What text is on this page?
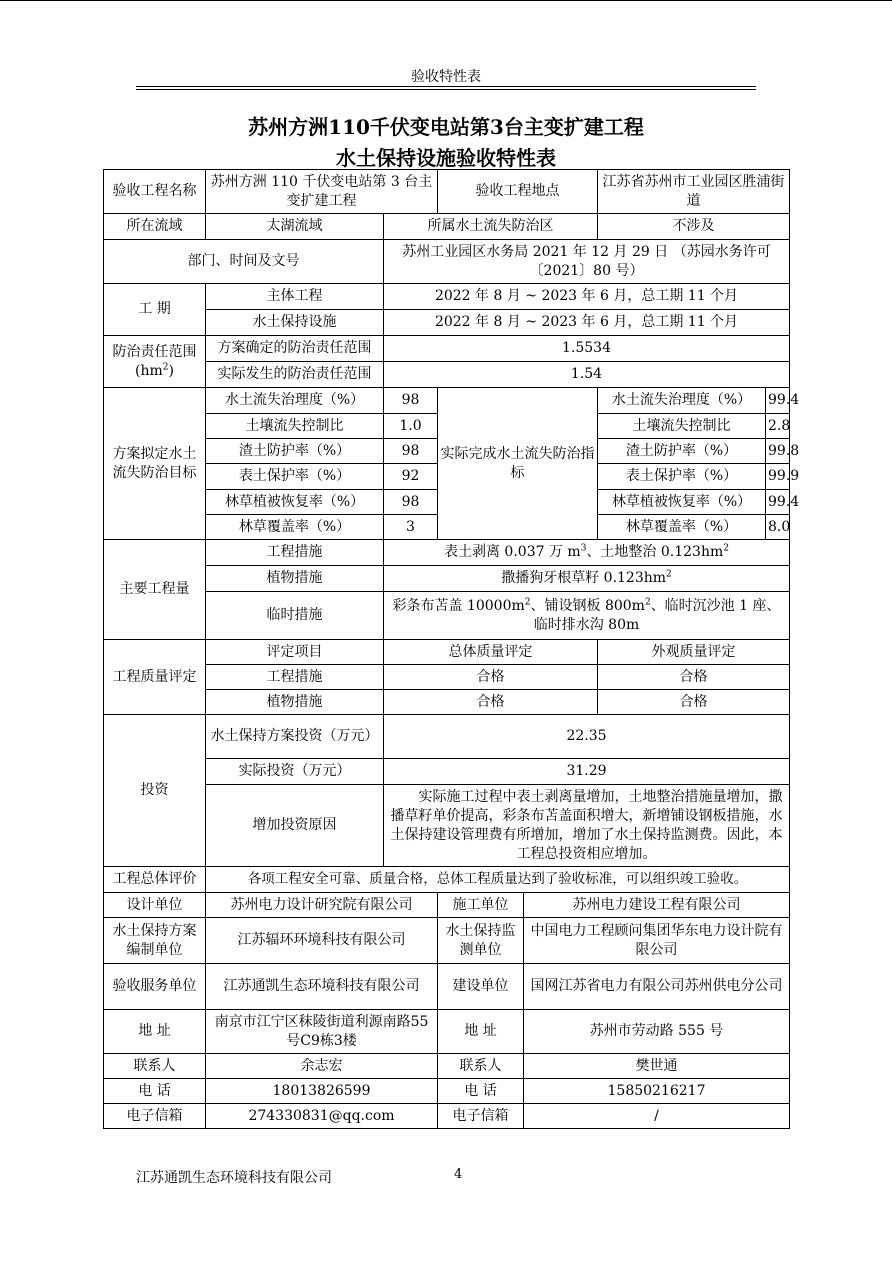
验收特性表
苏州方洲110千伏变电站第3台主变扩建工程
水土保持设施验收特性表
验收工程名称	苏州方洲 110 千伏变电站第 3 台主变扩建工程		验收工程地点		江苏省苏州市工业园区胜浦街道	
所在流域	太湖流域	所属水土流失防治区			不涉及	
部门、时间及文号		苏州工业园区水务局 2021 年 12 月 29 日 （苏园水务许可〔2021〕80 号）				
工 期	主体工程	2022 年 8 月 ~ 2023 年 6 月，总工期 11 个月				
	水土保持设施	2022 年 8 月 ~ 2023 年 6 月，总工期 11 个月				
防治责任范围
$(hm^2)$	方案确定的防治责任范围	1.5534				
	实际发生的防治责任范围	1.54				
方案拟定水土流失防治目标	水土流失治理度（%）	98	实际完成水土流失防治指标		水土流失治理度（%）	99.4
	土壤流失控制比	1.0			土壤流失控制比	2.8
	渣土防护率（%）	98			渣土防护率（%）	99.8
	表土保护率（%）	92			表土保护率（%）	99.9
	林草植被恢复率（%）	98			林草植被恢复率（%）	99.4
	林草覆盖率（%）	3			林草覆盖率（%）	8.0
主要工程量	工程措施	表土剥离 0.037 万 $m^3$、土地整治 $0.123hm^2$
	植物措施	撒播狗牙根草籽 $0.123hm^2$
	临时措施	彩条布苫盖 $10000m^2$、铺设钢板 $800m^2$、临时沉沙池 1 座、临时排水沟 80m				
工程质量评定	评定项目	总体质量评定			外观质量评定	
	工程措施	合格			合格	
	植物措施	合格			合格	
投资	水土保持方案投资（万元）	22.35				
	实际投资（万元）	31.29				
	增加投资原因	实际施工过程中表土剥离量增加，土地整治措施量增加，撒播草籽单价提高，彩条布苫盖面积增大，新增铺设钢板措施，水土保持建设管理费有所增加，增加了水土保持监测费。因此，本工程总投资相应增加。				
工程总体评价	各项工程安全可靠、质量合格，总体工程质量达到了验收标准，可以组织竣工验收。					
设计单位	苏州电力设计研究院有限公司		施工单位	苏州电力建设工程有限公司		
水土保持方案编制单位	江苏辐环环境科技有限公司		水土保持监测单位	中国电力工程顾问集团华东电力设计院有限公司		
验收服务单位	江苏通凯生态环境科技有限公司		建设单位	国网江苏省电力有限公司苏州供电分公司		
地 址	南京市江宁区秣陵街道利源南路55号C9栋3楼		地 址	苏州市劳动路 555 号		
联系人	余志宏		联系人	樊世通		
电 话	18013826599		电 话	15850216217		
电子信箱	274330831@qq.com		电子信箱	/		
江苏通凯生态环境科技有限公司	4
